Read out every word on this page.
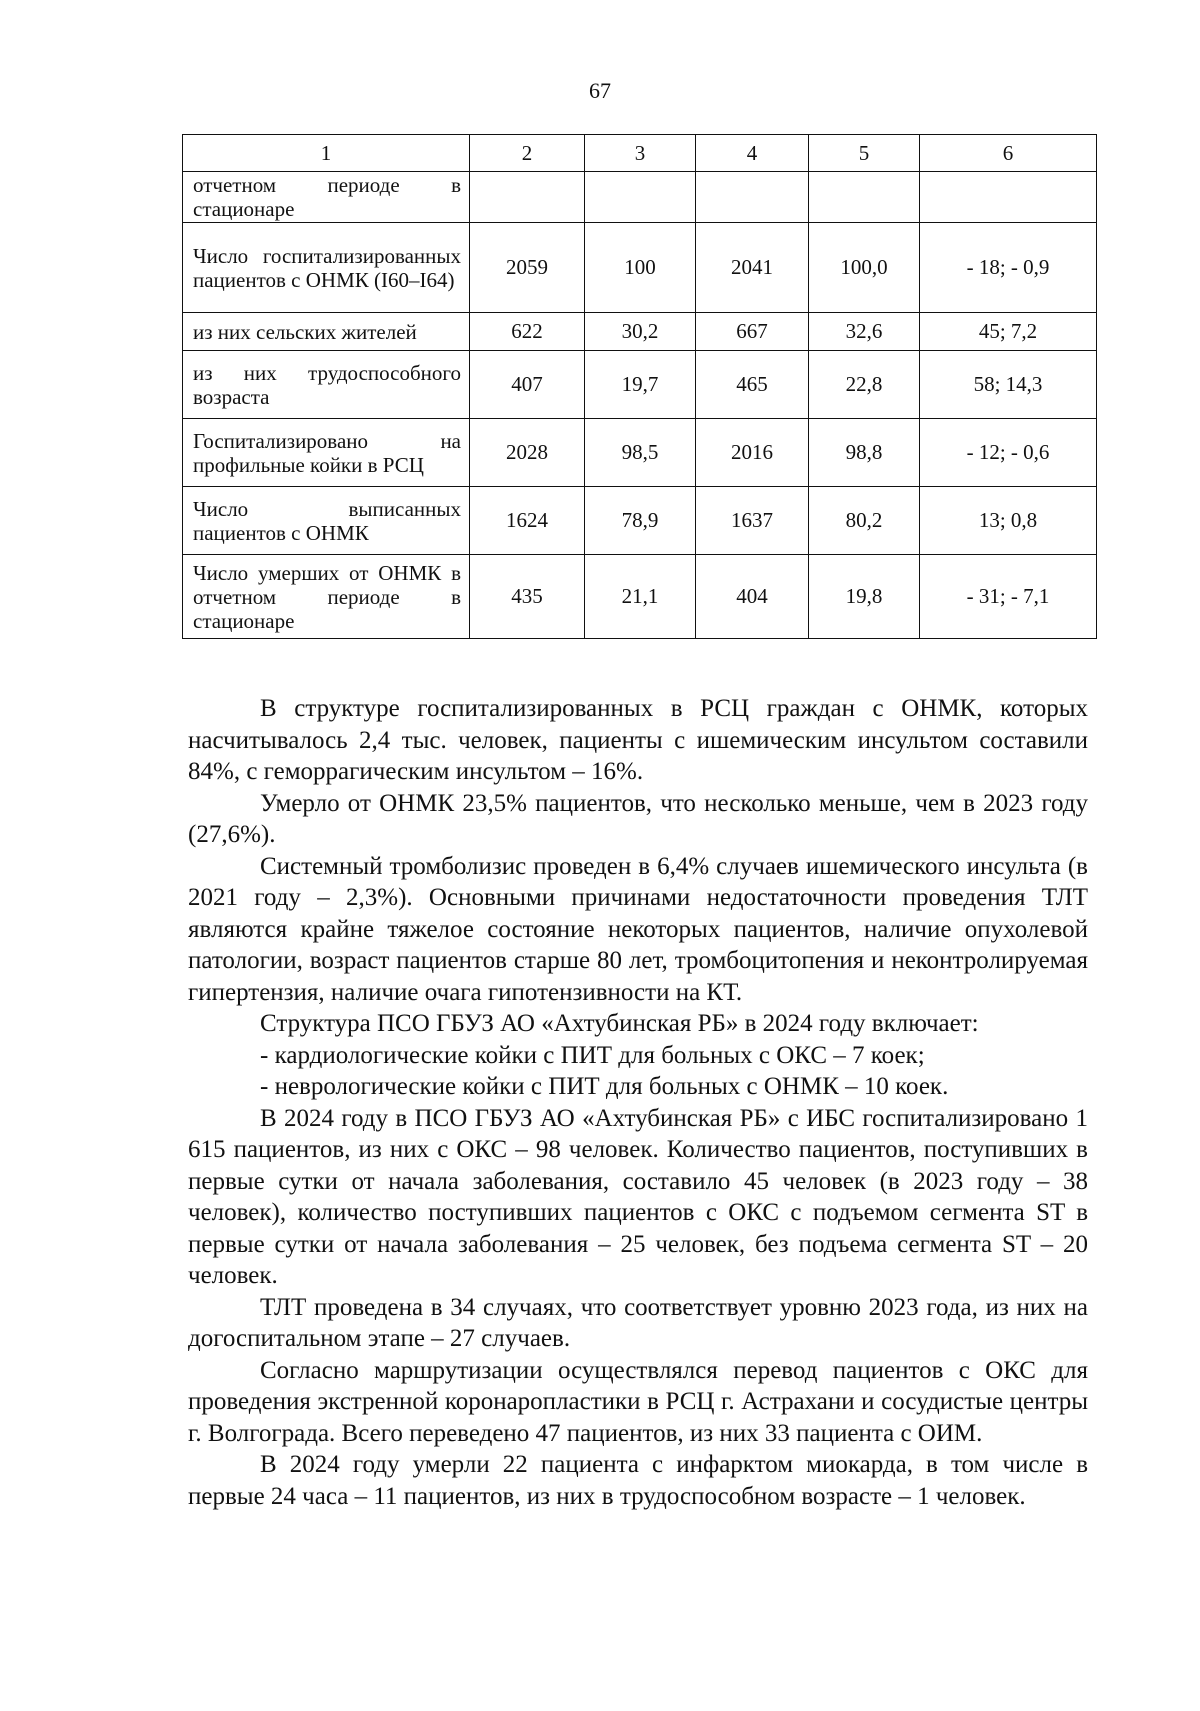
67
1	2	3	4	5	6
отчетном периоде в стационаре					
Число госпитализированных пациентов с ОНМК (I60–I64)	2059	100	2041	100,0	- 18; - 0,9
из них сельских жителей	622	30,2	667	32,6	45; 7,2
из них трудоспособного возраста	407	19,7	465	22,8	58; 14,3
Госпитализировано на профильные койки в РСЦ	2028	98,5	2016	98,8	- 12; - 0,6
Число выписанных пациентов с ОНМК	1624	78,9	1637	80,2	13; 0,8
Число умерших от ОНМК в отчетном периоде в стационаре	435	21,1	404	19,8	- 31; - 7,1

В структуре госпитализированных в РСЦ граждан с ОНМК, которых насчитывалось 2,4 тыс. человек, пациенты с ишемическим инсультом составили 84%, с геморрагическим инсультом – 16%.

Умерло от ОНМК 23,5% пациентов, что несколько меньше, чем в 2023 году (27,6%).

Системный тромболизис проведен в 6,4% случаев ишемического инсульта (в 2021 году – 2,3%). Основными причинами недостаточности проведения ТЛТ являются крайне тяжелое состояние некоторых пациентов, наличие опухолевой патологии, возраст пациентов старше 80 лет, тромбоцитопения и неконтролируемая гипертензия, наличие очага гипотензивности на КТ.

Структура ПСО ГБУЗ АО «Ахтубинская РБ» в 2024 году включает:

- кардиологические койки с ПИТ для больных с ОКС – 7 коек;

- неврологические койки с ПИТ для больных с ОНМК – 10 коек.

В 2024 году в ПСО ГБУЗ АО «Ахтубинская РБ» с ИБС госпитализировано 1 615 пациентов, из них с ОКС – 98 человек. Количество пациентов, поступивших в первые сутки от начала заболевания, составило 45 человек (в 2023 году – 38 человек), количество поступивших пациентов с ОКС с подъемом сегмента ST в первые сутки от начала заболевания – 25 человек, без подъема сегмента ST – 20 человек.

ТЛТ проведена в 34 случаях, что соответствует уровню 2023 года, из них на догоспитальном этапе – 27 случаев.

Согласно маршрутизации осуществлялся перевод пациентов с ОКС для проведения экстренной коронаропластики в РСЦ г. Астрахани и сосудистые центры г. Волгограда. Всего переведено 47 пациентов, из них 33 пациента с ОИМ.

В 2024 году умерли 22 пациента с инфарктом миокарда, в том числе в первые 24 часа – 11 пациентов, из них в трудоспособном возрасте – 1 человек.
